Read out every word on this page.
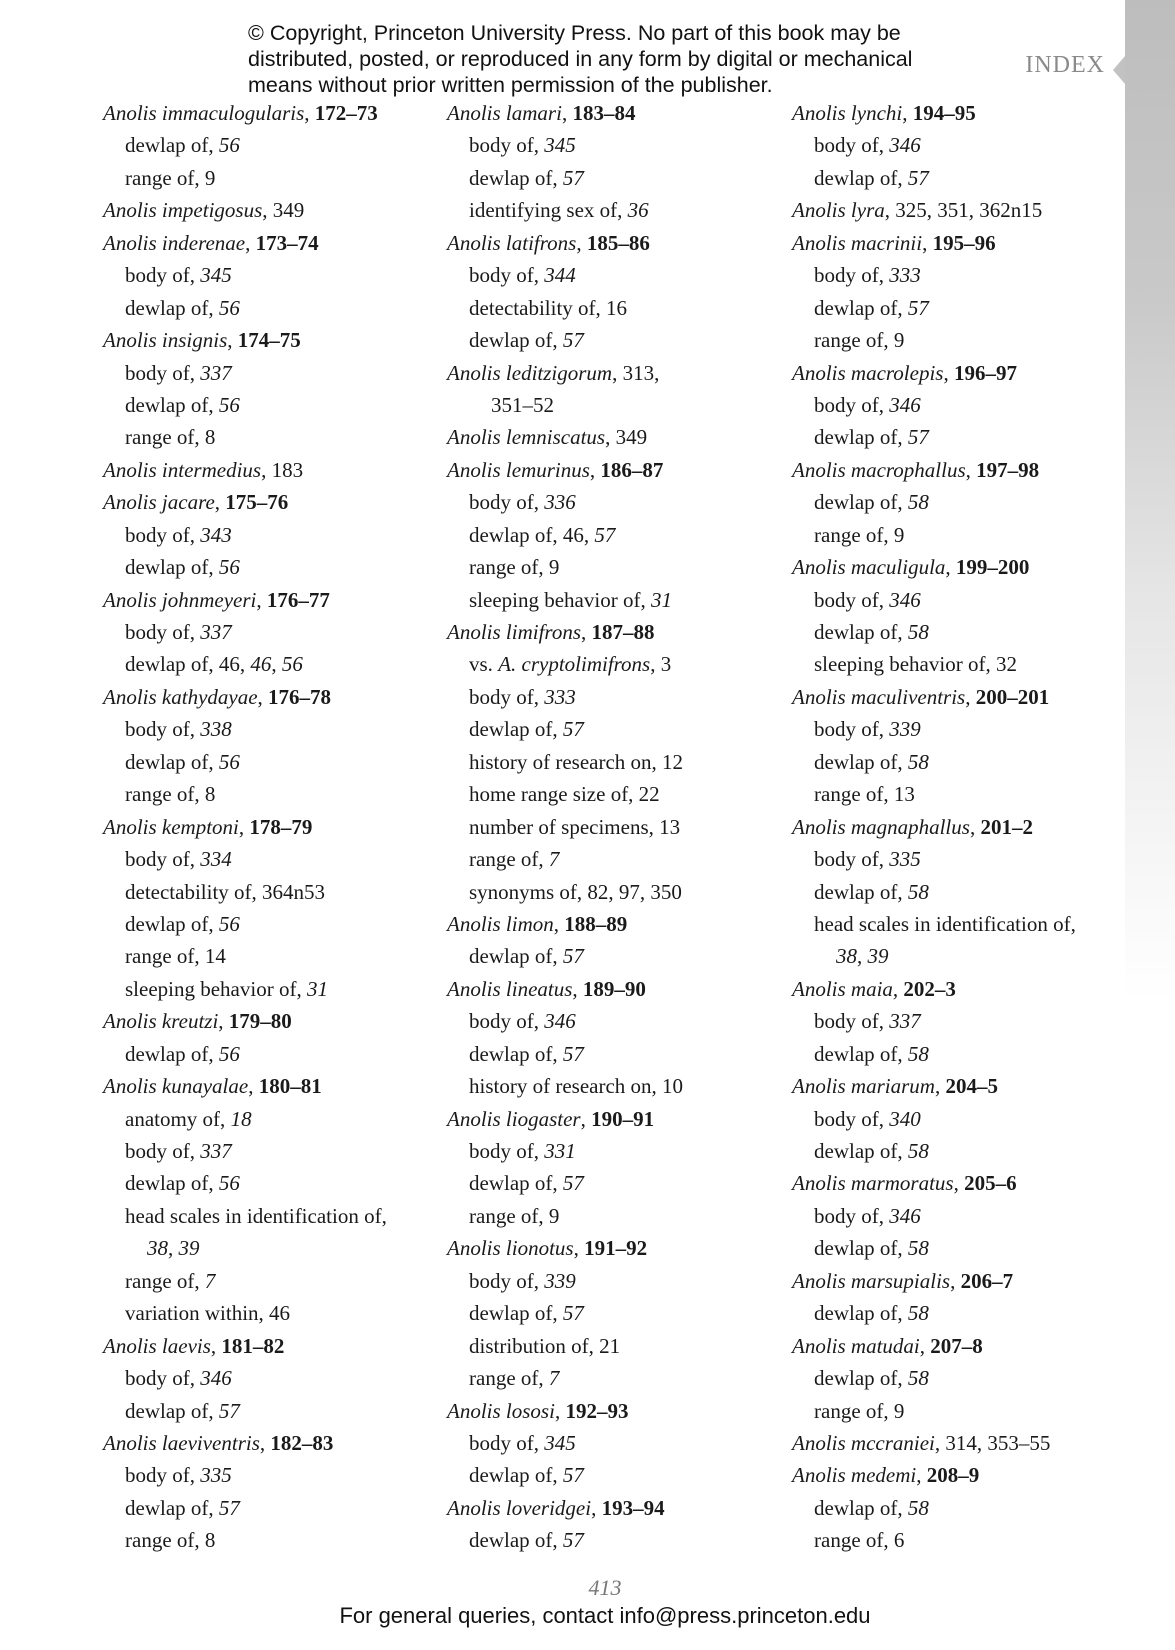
INDEX
© Copyright, Princeton University Press. No part of this book may be
distributed, posted, or reproduced in any form by digital or mechanical
means without prior written permission of the publisher.
Anolis immaculogularis, 172–73
dewlap of, 56
range of, 9
Anolis impetigosus, 349
Anolis inderenae, 173–74
body of, 345
dewlap of, 56
Anolis insignis, 174–75
body of, 337
dewlap of, 56
range of, 8
Anolis intermedius, 183
Anolis jacare, 175–76
body of, 343
dewlap of, 56
Anolis johnmeyeri, 176–77
body of, 337
dewlap of, 46, 46, 56
Anolis kathydayae, 176–78
body of, 338
dewlap of, 56
range of, 8
Anolis kemptoni, 178–79
body of, 334
detectability of, 364n53
dewlap of, 56
range of, 14
sleeping behavior of, 31
Anolis kreutzi, 179–80
dewlap of, 56
Anolis kunayalae, 180–81
anatomy of, 18
body of, 337
dewlap of, 56
head scales in identification of,
38, 39
range of, 7
variation within, 46
Anolis laevis, 181–82
body of, 346
dewlap of, 57
Anolis laeviventris, 182–83
body of, 335
dewlap of, 57
range of, 8
Anolis lamari, 183–84
body of, 345
dewlap of, 57
identifying sex of, 36
Anolis latifrons, 185–86
body of, 344
detectability of, 16
dewlap of, 57
Anolis leditzigorum, 313,
351–52
Anolis lemniscatus, 349
Anolis lemurinus, 186–87
body of, 336
dewlap of, 46, 57
range of, 9
sleeping behavior of, 31
Anolis limifrons, 187–88
vs. A. cryptolimifrons, 3
body of, 333
dewlap of, 57
history of research on, 12
home range size of, 22
number of specimens, 13
range of, 7
synonyms of, 82, 97, 350
Anolis limon, 188–89
dewlap of, 57
Anolis lineatus, 189–90
body of, 346
dewlap of, 57
history of research on, 10
Anolis liogaster, 190–91
body of, 331
dewlap of, 57
range of, 9
Anolis lionotus, 191–92
body of, 339
dewlap of, 57
distribution of, 21
range of, 7
Anolis lososi, 192–93
body of, 345
dewlap of, 57
Anolis loveridgei, 193–94
dewlap of, 57
Anolis lynchi, 194–95
body of, 346
dewlap of, 57
Anolis lyra, 325, 351, 362n15
Anolis macrinii, 195–96
body of, 333
dewlap of, 57
range of, 9
Anolis macrolepis, 196–97
body of, 346
dewlap of, 57
Anolis macrophallus, 197–98
dewlap of, 58
range of, 9
Anolis maculigula, 199–200
body of, 346
dewlap of, 58
sleeping behavior of, 32
Anolis maculiventris, 200–201
body of, 339
dewlap of, 58
range of, 13
Anolis magnaphallus, 201–2
body of, 335
dewlap of, 58
head scales in identification of,
38, 39
Anolis maia, 202–3
body of, 337
dewlap of, 58
Anolis mariarum, 204–5
body of, 340
dewlap of, 58
Anolis marmoratus, 205–6
body of, 346
dewlap of, 58
Anolis marsupialis, 206–7
dewlap of, 58
Anolis matudai, 207–8
dewlap of, 58
range of, 9
Anolis mccraniei, 314, 353–55
Anolis medemi, 208–9
dewlap of, 58
range of, 6
413
For general queries, contact info@press.princeton.edu
